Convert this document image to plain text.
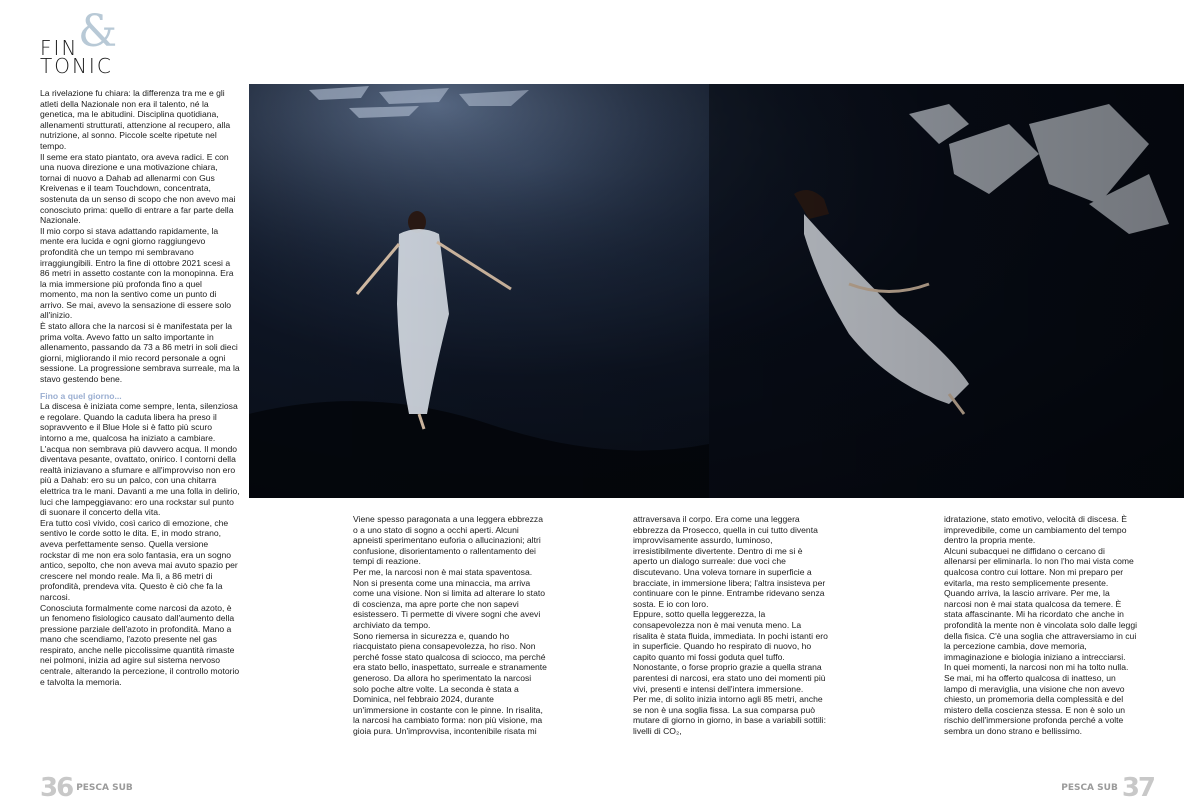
FIN &
TONIC

La rivelazione fu chiara: la differenza tra me e gli atleti della Nazionale non era il talento, né la genetica, ma le abitudini. Disciplina quotidiana, allenamenti strutturati, attenzione al recupero, alla nutrizione, al sonno. Piccole scelte ripetute nel tempo.

Il seme era stato piantato, ora aveva radici. E con una nuova direzione e una motivazione chiara, tornai di nuovo a Dahab ad allenarmi con Gus Kreivenas e il team Touchdown, concentrata, sostenuta da un senso di scopo che non avevo mai conosciuto prima: quello di entrare a far parte della Nazionale.

Il mio corpo si stava adattando rapidamente, la mente era lucida e ogni giorno raggiungevo profondità che un tempo mi sembravano irraggiungibili. Entro la fine di ottobre 2021 scesi a 86 metri in assetto costante con la monopinna. Era la mia immersione più profonda fino a quel momento, ma non la sentivo come un punto di arrivo. Se mai, avevo la sensazione di essere solo all'inizio.

È stato allora che la narcosi si è manifestata per la prima volta. Avevo fatto un salto importante in allenamento, passando da 73 a 86 metri in soli dieci giorni, migliorando il mio record personale a ogni sessione. La progressione sembrava surreale, ma la stavo gestendo bene.

Fino a quel giorno...

La discesa è iniziata come sempre, lenta, silenziosa e regolare. Quando la caduta libera ha preso il sopravvento e il Blue Hole si è fatto più scuro intorno a me, qualcosa ha iniziato a cambiare. L'acqua non sembrava più davvero acqua. Il mondo diventava pesante, ovattato, onirico. I contorni della realtà iniziavano a sfumare e all'improvviso non ero più a Dahab: ero su un palco, con una chitarra elettrica tra le mani. Davanti a me una folla in delirio, luci che lampeggiavano: ero una rockstar sul punto di suonare il concerto della vita.

Era tutto così vivido, così carico di emozione, che sentivo le corde sotto le dita. E, in modo strano, aveva perfettamente senso. Quella versione rockstar di me non era solo fantasia, era un sogno antico, sepolto, che non aveva mai avuto spazio per crescere nel mondo reale. Ma lì, a 86 metri di profondità, prendeva vita. Questo è ciò che fa la narcosi.

Conosciuta formalmente come narcosi da azoto, è un fenomeno fisiologico causato dall'aumento della pressione parziale dell'azoto in profondità. Mano a mano che scendiamo, l'azoto presente nel gas respirato, anche nelle piccolissime quantità rimaste nei polmoni, inizia ad agire sul sistema nervoso centrale, alterando la percezione, il controllo motorio e talvolta la memoria.

Viene spesso paragonata a una leggera ebbrezza o a uno stato di sogno a occhi aperti. Alcuni apneisti sperimentano euforia o allucinazioni; altri confusione, disorientamento o rallentamento dei tempi di reazione.

Per me, la narcosi non è mai stata spaventosa. Non si presenta come una minaccia, ma arriva come una visione. Non si limita ad alterare lo stato di coscienza, ma apre porte che non sapevi esistessero. Ti permette di vivere sogni che avevi archiviato da tempo.

Sono riemersa in sicurezza e, quando ho riacquistato piena consapevolezza, ho riso. Non perché fosse stato qualcosa di sciocco, ma perché era stato bello, inaspettato, surreale e stranamente generoso. Da allora ho sperimentato la narcosi solo poche altre volte. La seconda è stata a Dominica, nel febbraio 2024, durante un'immersione in costante con le pinne. In risalita, la narcosi ha cambiato forma: non più visione, ma gioia pura. Un'improvvisa, incontenibile risata mi

attraversava il corpo. Era come una leggera ebbrezza da Prosecco, quella in cui tutto diventa improvvisamente assurdo, luminoso, irresistibilmente divertente. Dentro di me si è aperto un dialogo surreale: due voci che discutevano. Una voleva tornare in superficie a bracciate, in immersione libera; l'altra insisteva per continuare con le pinne. Entrambe ridevano senza sosta. E io con loro.

Eppure, sotto quella leggerezza, la consapevolezza non è mai venuta meno. La risalita è stata fluida, immediata. In pochi istanti ero in superficie. Quando ho respirato di nuovo, ho capito quanto mi fossi goduta quel tuffo. Nonostante, o forse proprio grazie a quella strana parentesi di narcosi, era stato uno dei momenti più vivi, presenti e intensi dell'intera immersione.

Per me, di solito inizia intorno agli 85 metri, anche se non è una soglia fissa. La sua comparsa può mutare di giorno in giorno, in base a variabili sottili: livelli di CO₂,

idratazione, stato emotivo, velocità di discesa. È imprevedibile, come un cambiamento del tempo dentro la propria mente.

Alcuni subacquei ne diffidano o cercano di allenarsi per eliminarla. Io non l'ho mai vista come qualcosa contro cui lottare. Non mi preparo per evitarla, ma resto semplicemente presente. Quando arriva, la lascio arrivare. Per me, la narcosi non è mai stata qualcosa da temere. È stata affascinante. Mi ha ricordato che anche in profondità la mente non è vincolata solo dalle leggi della fisica. C'è una soglia che attraversiamo in cui la percezione cambia, dove memoria, immaginazione e biologia iniziano a intrecciarsi.

In quei momenti, la narcosi non mi ha tolto nulla. Se mai, mi ha offerto qualcosa di inatteso, un lampo di meraviglia, una visione che non avevo chiesto, un promemoria della complessità e del mistero della coscienza stessa. E non è solo un rischio dell'immersione profonda perché a volte sembra un dono strano e bellissimo.

36 PESCA SUB	PESCA SUB 37
